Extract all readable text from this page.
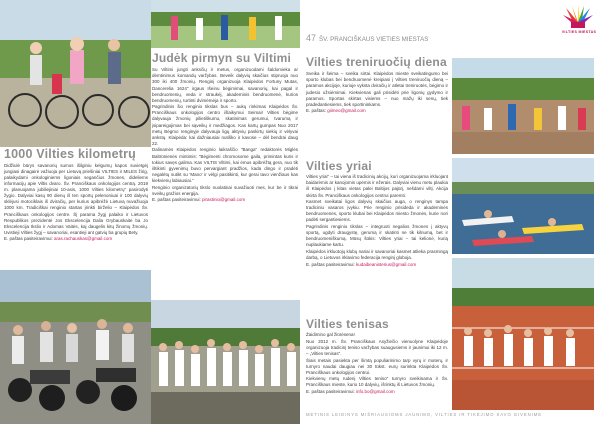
1000 Vilties kilometrų
Didžiulė būrys savanorių sumos išilginiu kelgumų kapos suvietgėj jungiasi dinagairė važiuoja per Lietuvą priešiniai VILTIES ir MILES žirig, palaikydami onkologiniems ligoniais segančius žmones, dideliems informacijų apie Viltis dvaro. Šv. Pranciškaus onkologijos centrą. 2019 m. planuojama jubiliejiniai 10-asis, 1000 Vilties kilometrų" pasirodyti žygio. Dalyviai kasų 90 dienų iš ten sportų pelenoniuai ir 100 dalyvių sklėjusi motociklais iš dviračių, per kurius apibrėžė Lietuvą nuvažiuoja 1000 km. Tradiciškai renginio startas įrinkti birželio – Klaipėdos Šv. Pranciškaus onkologijos centre. Šį parama žygį palaiko ir Lietuvos Respublikos prezidentė Jos Ekscelencija Dalia Grybauskaitė ba Jo Ekscelencija Ikslio ir Adomas Vaitės, kaj daugelis kitų žinomų žmonių. Uvistieji Vilties žygį – savanoriai, esantieji ant gatvių ba grupių Bety.
E. paštas pasiteiravimui: aras.rachauskas@gmail.com
Judėk pirmyn su Viltimi
Su Viltimi jungti anksčių ir metus, organizuodami šaldomieka ar dėmtinimus komandų varžybas. Beveik dalyvių skaičius stipruoja nuo 300 iki 400 žmonių. Renginį organizuoja Klaipėdos Fortuny Mutas, Dancerelia 1624" irgaus Išeinu bėgimimai, savanorių, kai pagal ir bendruomenių, veda ir straukėj, akademinis bendruomenė, kurios bendruomenių, turtinti dvimėmėja ir sporto.
Pagrindinis šio renginio tikslas bus – aukų rinkimas Klaipėdos Šv. Pranciškaus onkologijos centro išlaikymui Seimai! Vilties bėgime dalyvauja žmonių pilietiškumu, skatinimas gerumui, tvarumą ir įsipareigojimas bei sąveikų ir medžiagos. Kas kartų gumpas Nuo 2017 metų Bėgmo renginyje dalyvauja ligų aktyvių paskirtų siekių ir vėlyvai ankstų. Klaipėda: kai dažniausiai nutiško ir kavose – dėl bendrai daug 22.
Dalinamės Klaipėdos renginio laikraščio "Banga" redaktorės Miglės Baltrūnienės mintimis: "Bėgimenti chromosome gaila, primintas kuris ir tokius savęs galima. Kas VILTIS Viltimi, kai ėmus apibrėžtą gera, nuo tik ištikinti gyvenimų buvo pervargiant pradžios, kada dingo ir pradėti negalėtų sutikt su 'Mano' ir vėlgi pasitikinti, kur gerai tavo vienžiaus kas kiekvienų labiausiai."
Renginio organizatorių tikslo nuolatinai suvažiuoti mes, kur be ir tikrai sveikų gražios energija.
E. paštas pasiteiravimui: pirastinio@gmail.com
47 ŠV. PRANCIŠKAUS VIETIES MIESTAS
Vilties treniruočių diena
Sveika ir šeima – sveika sirtai. Klaipėdos mieste sveikatingumo bei sporto klubas bei bendruomenė kreipiasi į Vilties treniruočių dieną – paramos akcijoje, kurioje vyksta dviračių ir atletai treniruotės, bėgimo ir judesio užsiėmimai. Kiekvienas gali prisidėti prie ligonių gydymo ir paramos. Sportas skirtas visiems – nuo mažų iki senų, tiek pradedantiesiems, tiek sportininkams.
E. paštas: giimeo@gmail.com
Vilties yriai
Vilties yriai" – tai viena iš tradicinių akcijų, kuri organizuojama irkluojant baidarėmis ar kanojomis upėmis ir ežerais. Dalyviai vienu metu plaukia iš Klaipėdos į kitas vietas palei Baltijos pajūrį, nešdami viltį. Akcija skirta Šv. Pranciškaus onkologijos centrui paremti.
Kasmet sveikatai ligos dalyvių skaičius auga, o renginys tampa tradiciniu vasaros įvykiu. Prie renginio prisideda ir akademinės bendruomenės, sporto klubai bei Klaipėdos miesto žmonės, kurie nori padėti sergantiesiems.
Pagrindinis renginio tikslas – integruoti negalios žmones į aktyvų sportą, ugdyti draugystę, gerumą ir skatinti ne tik kilnumą, bet ir bendruomeniškumą. Mūsų šūkis: Vilties yriai – tai kelionė, kurią nuplaukiame kartu.
Klaipėdos irkluotojų klubų nariai ir savanoriai kasmet atlieka prasmingą darbą, o Lietuvos irklavimo federacija renginį globoja.
E. paštas pasiteiravimui: kudaibeanisterius@gmail.com
Vilties tenisas
Žaidimino gal žiūrėsena!
Nuo 2012 m. Šv. Pranciškaus Asyžiečio vienuolyne Klaipėdoje organizuoja tradicinį teniso varžybas suaugusiems ir jaunimui iki 12 m. – „Vilties tenisas".
Šiais metais pasiekta per šimtą populiarinimo tarp vyrų ir moterų, ir turnyro naudai daugiau nei 30 tūkst. eurų surinkta Klaipėdos Šv. Pranciškaus onkologijos centrui.
Kiekvienų metų rudenį Vilties teniso" turnyro sveikinama ir Šv. Pranciškaus mieste, kurio 10 dalyvių, išrinktų iš Lietuvos žmonių.
E. paštas pasiteiravimui: info.bo@gmail.com
VILTIES MIESTAS
METINIS LEIDINYS MIŠRIAUSIOMS JAUNIMO, VILTIES IR TIKĖJIMO SAVO GIVENIME
